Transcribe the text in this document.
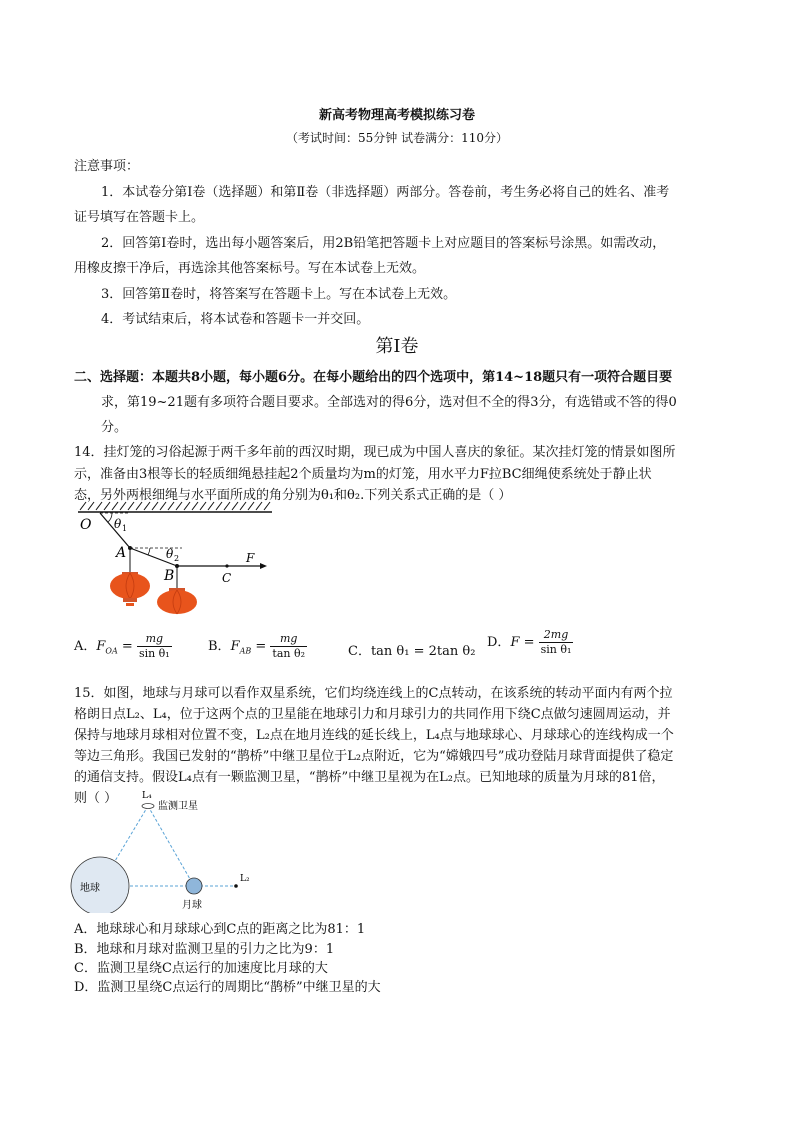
新高考物理高考模拟练习卷
（考试时间：55分钟 试卷满分：110分）
注意事项：
1．本试卷分第Ⅰ卷（选择题）和第Ⅱ卷（非选择题）两部分。答卷前，考生务必将自己的姓名、准考
证号填写在答题卡上。
2．回答第Ⅰ卷时，选出每小题答案后，用2B铅笔把答题卡上对应题目的答案标号涂黑。如需改动，
用橡皮擦干净后，再选涂其他答案标号。写在本试卷上无效。
3．回答第Ⅱ卷时，将答案写在答题卡上。写在本试卷上无效。
4．考试结束后，将本试卷和答题卡一并交回。
第Ⅰ卷
二、选择题：本题共8小题，每小题6分。在每小题给出的四个选项中，第14~18题只有一项符合题目要
求，第19~21题有多项符合题目要求。全部选对的得6分，选对但不全的得3分，有选错或不答的得0
分。
14．挂灯笼的习俗起源于两千多年前的西汉时期，现已成为中国人喜庆的象征。某次挂灯笼的情景如图所
示，准备由3根等长的轻质细绳悬挂起2个质量均为m的灯笼，用水平力F拉BC细绳使系统处于静止状
态，另外两根细绳与水平面所成的角分别为θ₁和θ₂.下列关系式正确的是（ ）
O θ 1
A	θ 2
B	C
F
A．$F_{OA} = \frac{mg}{\text{sin θ₁}}$	B．$F_{AB} = \frac{mg}{\text{tan θ₂}}$	C．tan θ₁ = 2tan θ₂
D．$F = \frac{2mg}{\text{sin θ₁}}$
15．如图，地球与月球可以看作双星系统，它们均绕连线上的C点转动，在该系统的转动平面内有两个拉
格朗日点L₂、L₄，位于这两个点的卫星能在地球引力和月球引力的共同作用下绕C点做匀速圆周运动，并
保持与地球月球相对位置不变，L₂点在地月连线的延长线上，L₄点与地球球心、月球球心的连线构成一个
等边三角形。我国已发射的“鹊桥”中继卫星位于L₂点附近，它为“嫦娥四号”成功登陆月球背面提供了稳定
的通信支持。假设L₄点有一颗监测卫星，“鹊桥”中继卫星视为在L₂点。已知地球的质量为月球的81倍，
则（ ）	L₄
监测卫星
地球
月球
L₂
A．地球球心和月球球心到C点的距离之比为81：1
B．地球和月球对监测卫星的引力之比为9：1
C．监测卫星绕C点运行的加速度比月球的大
D．监测卫星绕C点运行的周期比“鹊桥”中继卫星的大
